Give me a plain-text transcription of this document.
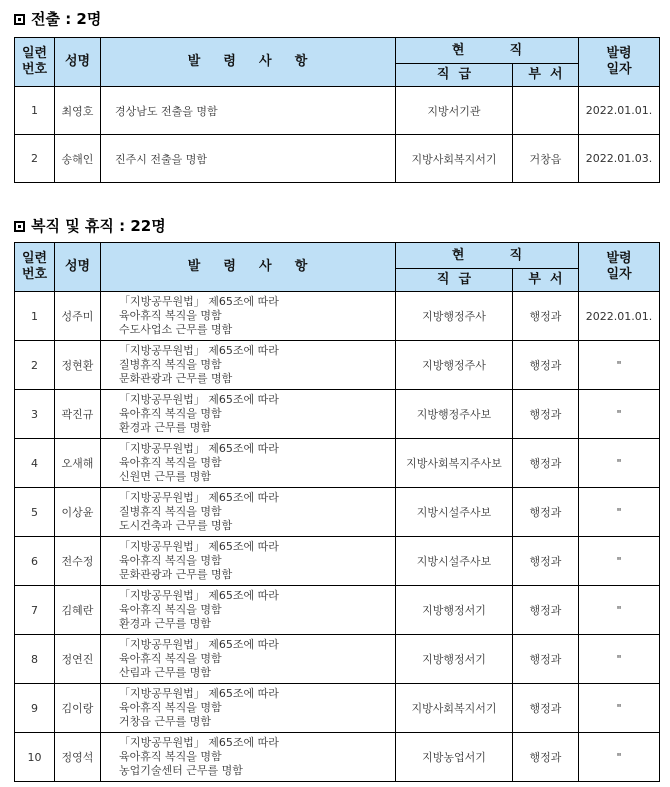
전출 : 2명
일련
번호	성명	발    령    사    항	현          직		발령
일자
			직  급	부  서	
1	최영호	경상남도 전출을 명함	지방서기관		2022.01.01.
2	송해인	진주시 전출을 명함	지방사회복지서기	거창읍	2022.01.03.
복직 및 휴직 : 22명
일련
번호	성명	발    령    사    항	현          직		발령
일자
			직  급	부  서	
1	성주미	「지방공무원법」 제65조에 따라
육아휴직 복직을 명함
수도사업소 근무를 명함	지방행정주사	행정과	2022.01.01.
2	정현환	「지방공무원법」 제65조에 따라
질병휴직 복직을 명함
문화관광과 근무를 명함	지방행정주사	행정과	"
3	곽진규	「지방공무원법」 제65조에 따라
육아휴직 복직을 명함
환경과 근무를 명함	지방행정주사보	행정과	"
4	오새해	「지방공무원법」 제65조에 따라
육아휴직 복직을 명함
신원면 근무를 명함	지방사회복지주사보	행정과	"
5	이상윤	「지방공무원법」 제65조에 따라
질병휴직 복직을 명함
도시건축과 근무를 명함	지방시설주사보	행정과	"
6	전수정	「지방공무원법」 제65조에 따라
육아휴직 복직을 명함
문화관광과 근무를 명함	지방시설주사보	행정과	"
7	김혜란	「지방공무원법」 제65조에 따라
육아휴직 복직을 명함
환경과 근무를 명함	지방행정서기	행정과	"
8	정연진	「지방공무원법」 제65조에 따라
육아휴직 복직을 명함
산림과 근무를 명함	지방행정서기	행정과	"
9	김이랑	「지방공무원법」 제65조에 따라
육아휴직 복직을 명함
거창읍 근무를 명함	지방사회복지서기	행정과	"
10	정영석	「지방공무원법」 제65조에 따라
육아휴직 복직을 명함
농업기술센터 근무를 명함	지방농업서기	행정과	"
